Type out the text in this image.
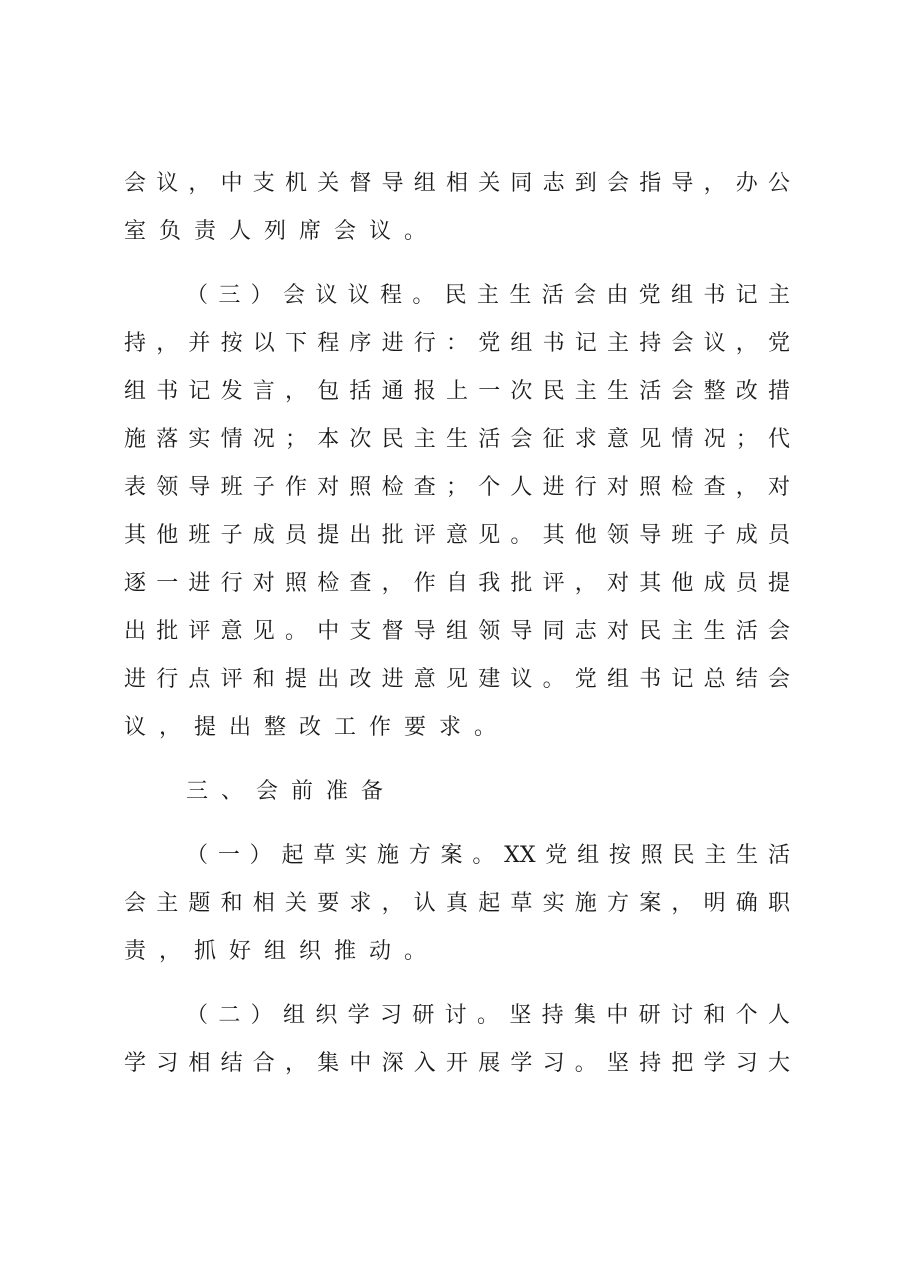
会议，中支机关督导组相关同志到会指导，办公
室负责人列席会议。
（三）会议议程。民主生活会由党组书记主
持，并按以下程序进行：党组书记主持会议，党
组书记发言，包括通报上一次民主生活会整改措
施落实情况；本次民主生活会征求意见情况；代
表领导班子作对照检查；个人进行对照检查，对
其他班子成员提出批评意见。其他领导班子成员
逐一进行对照检查，作自我批评，对其他成员提
出批评意见。中支督导组领导同志对民主生活会
进行点评和提出改进意见建议。党组书记总结会
议，提出整改工作要求。
三、会前准备
（一）起草实施方案。XX党组按照民主生活
会主题和相关要求，认真起草实施方案，明确职
责，抓好组织推动。
（二）组织学习研讨。坚持集中研讨和个人
学习相结合，集中深入开展学习。坚持把学习大
